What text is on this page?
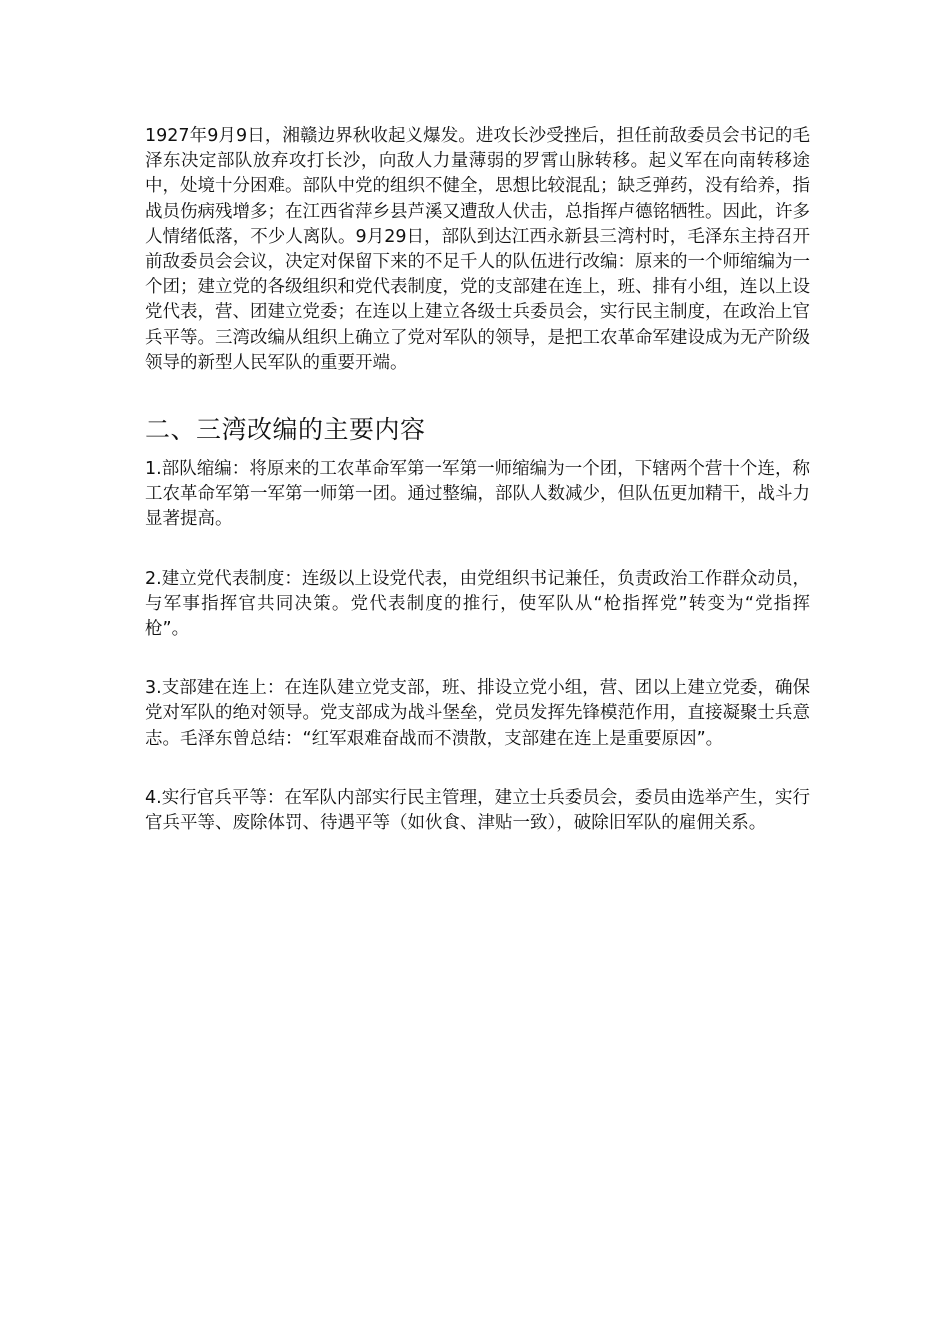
1927年9月9日，湘赣边界秋收起义爆发。进攻长沙受挫后，担任前敌委员会书记的毛泽东决定部队放弃攻打长沙，向敌人力量薄弱的罗霄山脉转移。起义军在向南转移途中，处境十分困难。部队中党的组织不健全，思想比较混乱；缺乏弹药，没有给养，指战员伤病残增多；在江西省萍乡县芦溪又遭敌人伏击，总指挥卢德铭牺牲。因此，许多人情绪低落，不少人离队。9月29日，部队到达江西永新县三湾村时，毛泽东主持召开前敌委员会会议，决定对保留下来的不足千人的队伍进行改编：原来的一个师缩编为一个团；建立党的各级组织和党代表制度，党的支部建在连上，班、排有小组，连以上设党代表，营、团建立党委；在连以上建立各级士兵委员会，实行民主制度，在政治上官兵平等。三湾改编从组织上确立了党对军队的领导，是把工农革命军建设成为无产阶级领导的新型人民军队的重要开端。

二、三湾改编的主要内容

1.部队缩编：将原来的工农革命军第一军第一师缩编为一个团，下辖两个营十个连，称工农革命军第一军第一师第一团。通过整编，部队人数减少，但队伍更加精干，战斗力显著提高。

2.建立党代表制度：连级以上设党代表，由党组织书记兼任，负责政治工作群众动员，与军事指挥官共同决策。党代表制度的推行，使军队从“枪指挥党”转变为“党指挥枪”。

3.支部建在连上：在连队建立党支部，班、排设立党小组，营、团以上建立党委，确保党对军队的绝对领导。党支部成为战斗堡垒，党员发挥先锋模范作用，直接凝聚士兵意志。毛泽东曾总结：“红军艰难奋战而不溃散，支部建在连上是重要原因”。

4.实行官兵平等：在军队内部实行民主管理，建立士兵委员会，委员由选举产生，实行官兵平等、废除体罚、待遇平等（如伙食、津贴一致），破除旧军队的雇佣关系。
